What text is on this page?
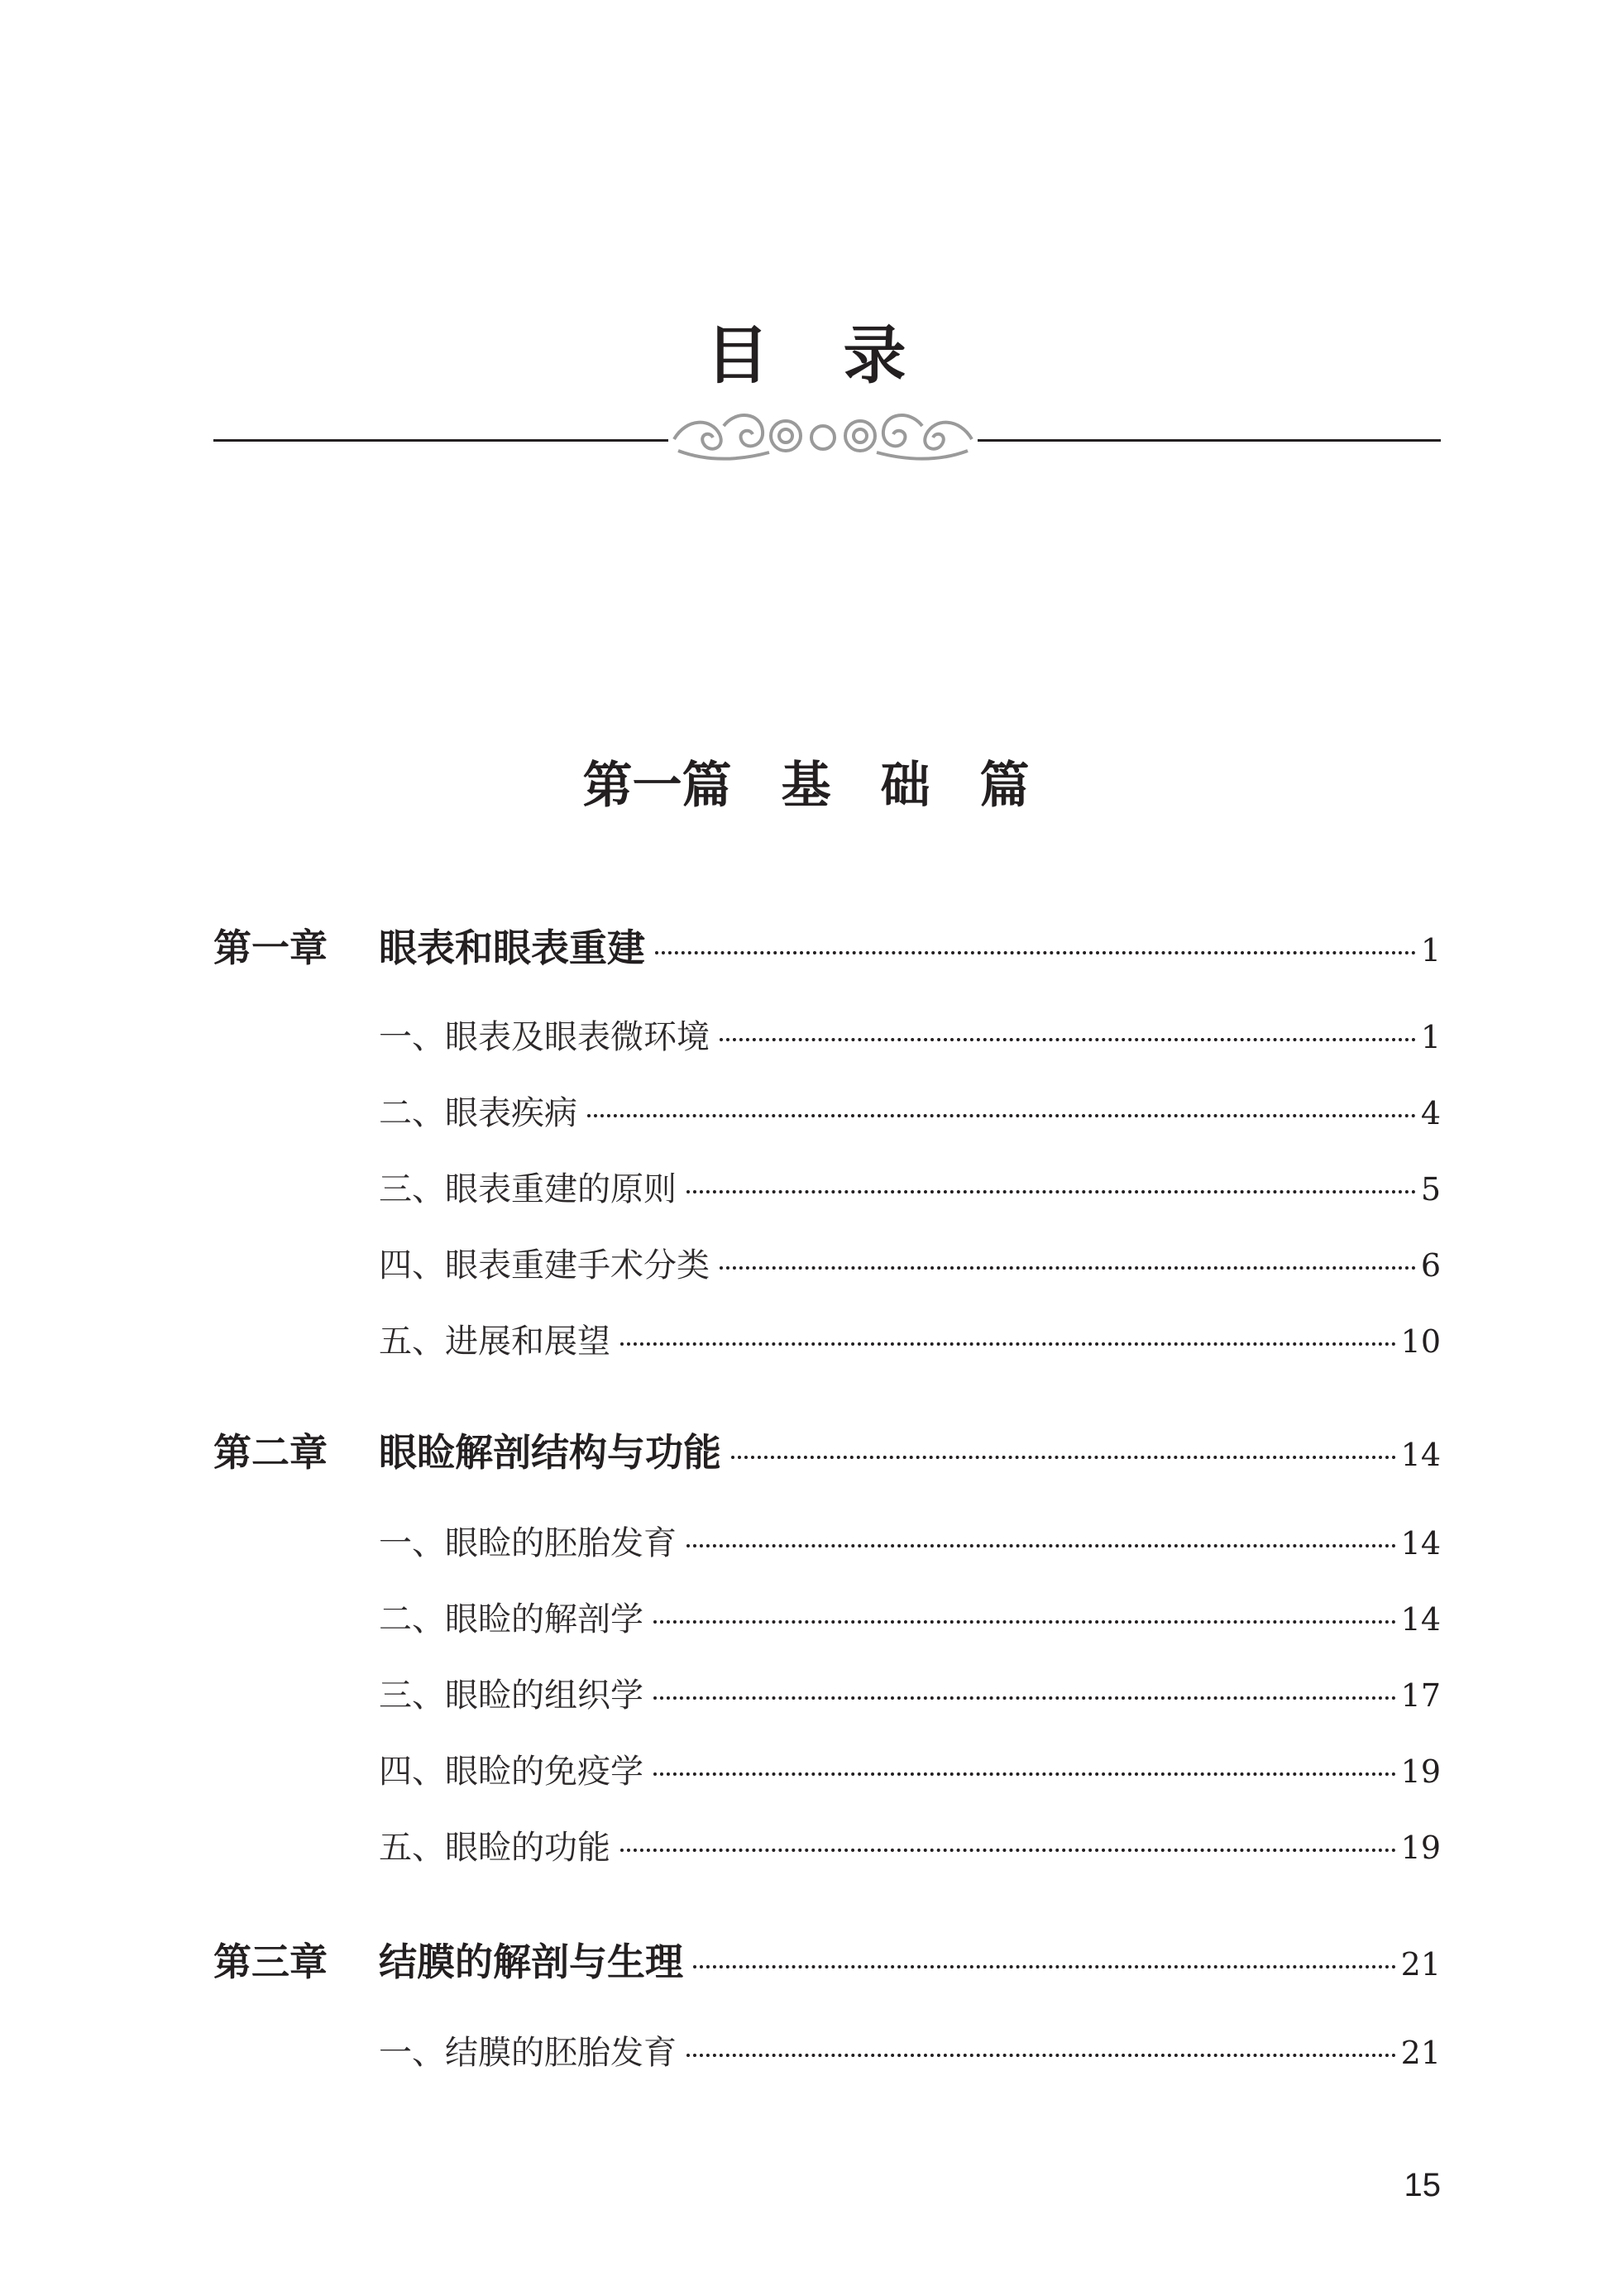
目录
第一篇 基 础 篇
第一章	眼表和眼表重建	1
一、眼表及眼表微环境	1
二、眼表疾病	4
三、眼表重建的原则	5
四、眼表重建手术分类	6
五、进展和展望	10
第二章	眼睑解剖结构与功能	14
一、眼睑的胚胎发育	14
二、眼睑的解剖学	14
三、眼睑的组织学	17
四、眼睑的免疫学	19
五、眼睑的功能	19
第三章	结膜的解剖与生理	21
一、结膜的胚胎发育	21
15
